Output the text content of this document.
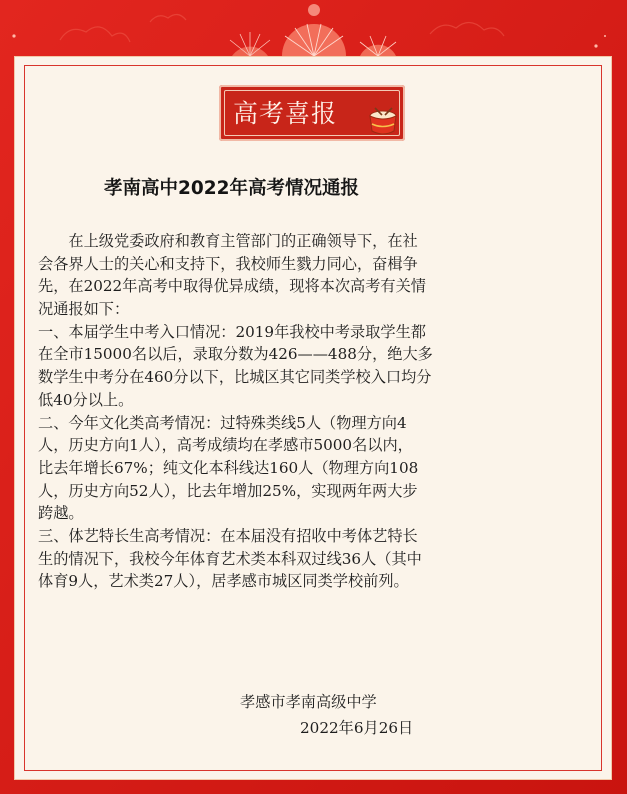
高考喜报
孝南高中2022年高考情况通报
　　在上级党委政府和教育主管部门的正确领导下，在社
会各界人士的关心和支持下，我校师生戮力同心，奋楫争
先，在2022年高考中取得优异成绩，现将本次高考有关情
况通报如下：
一、本届学生中考入口情况：2019年我校中考录取学生都
在全市15000名以后，录取分数为426——488分，绝大多
数学生中考分在460分以下，比城区其它同类学校入口均分
低40分以上。
二、今年文化类高考情况：过特殊类线5人（物理方向4
人，历史方向1人），高考成绩均在孝感市5000名以内，
比去年增长67%；纯文化本科线达160人（物理方向108
人，历史方向52人），比去年增加25%，实现两年两大步
跨越。
三、体艺特长生高考情况：在本届没有招收中考体艺特长
生的情况下，我校今年体育艺术类本科双过线36人（其中
体育9人，艺术类27人），居孝感市城区同类学校前列。
孝感市孝南高级中学
2022年6月26日
